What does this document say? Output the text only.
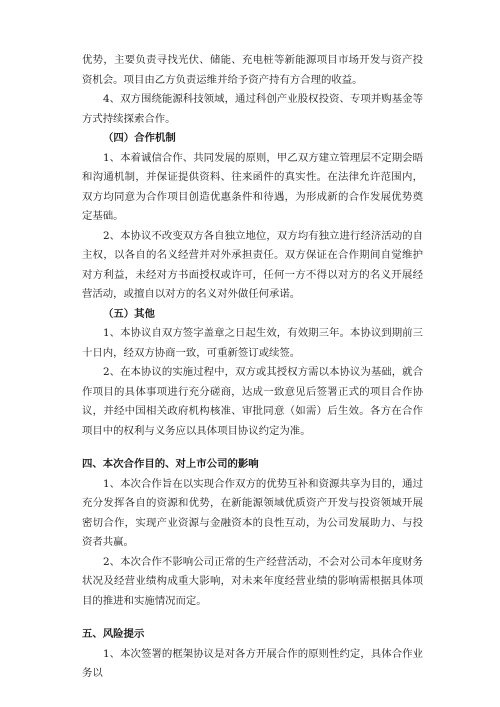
优势，主要负责寻找光伏、储能、充电桩等新能源项目市场开发与资产投资机会。项目由乙方负责运维并给予资产持有方合理的收益。

4、双方围绕能源科技领域，通过科创产业股权投资、专项并购基金等方式持续探索合作。

（四）合作机制

1、本着诚信合作、共同发展的原则，甲乙双方建立管理层不定期会晤和沟通机制，并保证提供资料、往来函件的真实性。在法律允许范围内，双方均同意为合作项目创造优惠条件和待遇，为形成新的合作发展优势奠定基础。

2、本协议不改变双方各自独立地位，双方均有独立进行经济活动的自主权，以各自的名义经营并对外承担责任。双方保证在合作期间自觉维护对方利益，未经对方书面授权或许可，任何一方不得以对方的名义开展经营活动，或擅自以对方的名义对外做任何承诺。

（五）其他

1、本协议自双方签字盖章之日起生效，有效期三年。本协议到期前三十日内，经双方协商一致，可重新签订或续签。

2、在本协议的实施过程中，双方或其授权方需以本协议为基础，就合作项目的具体事项进行充分磋商，达成一致意见后签署正式的项目合作协议，并经中国相关政府机构核准、审批同意（如需）后生效。各方在合作项目中的权利与义务应以具体项目协议约定为准。

四、本次合作目的、对上市公司的影响

1、本次合作旨在以实现合作双方的优势互补和资源共享为目的，通过充分发挥各自的资源和优势，在新能源领域优质资产开发与投资领域开展密切合作，实现产业资源与金融资本的良性互动，为公司发展助力、与投资者共赢。

2、本次合作不影响公司正常的生产经营活动，不会对公司本年度财务状况及经营业绩构成重大影响，对未来年度经营业绩的影响需根据具体项目的推进和实施情况而定。

五、风险提示

1、本次签署的框架协议是对各方开展合作的原则性约定，具体合作业务以
